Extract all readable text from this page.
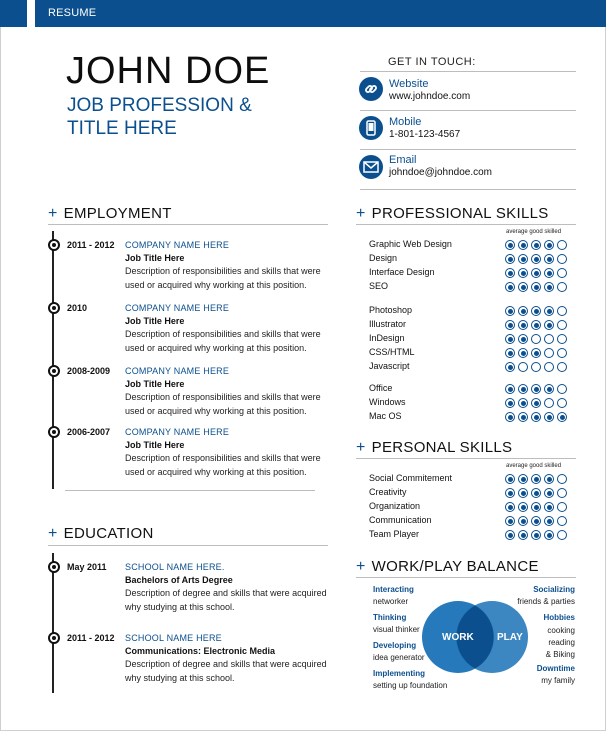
RESUME
JOHN DOE
JOB PROFESSION & TITLE HERE
GET IN TOUCH:
Website
www.johndoe.com
Mobile
1-801-123-4567
Email
johndoe@johndoe.com
+ EMPLOYMENT
2011 - 2012 COMPANY NAME HERE
Job Title Here
Description of responsibilities and skills that were used or acquired why working at this position.
2010	COMPANY NAME HERE
Job Title Here
Description of responsibilities and skills that were used or acquired why working at this position.
2008-2009 COMPANY NAME HERE
Job Title Here
Description of responsibilities and skills that were used or acquired why working at this position.
2006-2007 COMPANY NAME HERE
Job Title Here
Description of responsibilities and skills that were used or acquired why working at this position.
+ EDUCATION
May 2011 SCHOOL NAME HERE.
Bachelors of Arts Degree
Description of degree and skills that were acquired why studying at this school.
2011 - 2012 SCHOOL NAME HERE
Communications: Electronic Media
Description of degree and skills that were acquired why studying at this school.
+ PROFESSIONAL SKILLS
average good skilled
Graphic Web Design
Design
Interface Design
SEO
Photoshop
Illustrator
InDesign
CSS/HTML
Javascript
Office
Windows
Mac OS
+ PERSONAL SKILLS
average good skilled
Social Commitement
Creativity
Organization
Communication
Team Player
+ WORK/PLAY BALANCE
WORK PLAY
Interacting
networker
Thinking
visual thinker
Developing
idea generator
Implementing
setting up foundation
Socializing
friends & parties
Hobbies
cooking
reading
& Biking
Downtime
my family
